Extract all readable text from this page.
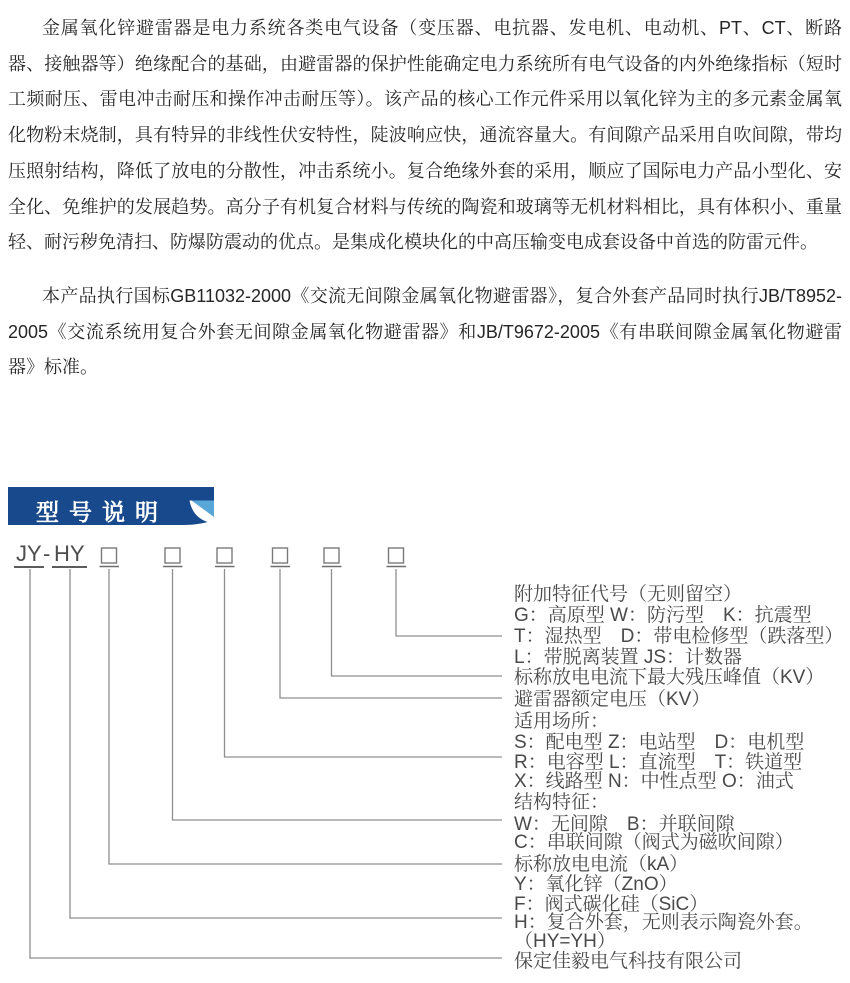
金属氧化锌避雷器是电力系统各类电气设备（变压器、电抗器、发电机、电动机、PT、CT、断路器、接触器等）绝缘配合的基础，由避雷器的保护性能确定电力系统所有电气设备的内外绝缘指标（短时工频耐压、雷电冲击耐压和操作冲击耐压等）。该产品的核心工作元件采用以氧化锌为主的多元素金属氧化物粉末烧制，具有特异的非线性伏安特性，陡波响应快，通流容量大。有间隙产品采用自吹间隙，带均压照射结构，降低了放电的分散性，冲击系统小。复合绝缘外套的采用，顺应了国际电力产品小型化、安全化、免维护的发展趋势。高分子有机复合材料与传统的陶瓷和玻璃等无机材料相比，具有体积小、重量轻、耐污秽免清扫、防爆防震动的优点。是集成化模块化的中高压输变电成套设备中首选的防雷元件。

本产品执行国标GB11032-2000《交流无间隙金属氧化物避雷器》，复合外套产品同时执行JB/T8952-2005《交流系统用复合外套无间隙金属氧化物避雷器》和JB/T9672-2005《有串联间隙金属氧化物避雷器》标准。

型号说明
JY - HY
附加特征代号（无则留空）
G：高原型 W：防污型　K：抗震型
T：湿热型　D：带电检修型（跌落型）
L：带脱离装置 JS：计数器
标称放电电流下最大残压峰值（KV）
避雷器额定电压（KV）
适用场所：
S：配电型 Z：电站型　D：电机型
R：电容型 L：直流型　T：铁道型
X：线路型 N：中性点型 O：油式
结构特征：
W：无间隙　B：并联间隙
C：串联间隙（阀式为磁吹间隙）
标称放电电流（kA）
Y：氧化锌（ZnO）
F：阀式碳化硅（SiC）
H：复合外套，无则表示陶瓷外套。
（HY=YH）
保定佳毅电气科技有限公司
